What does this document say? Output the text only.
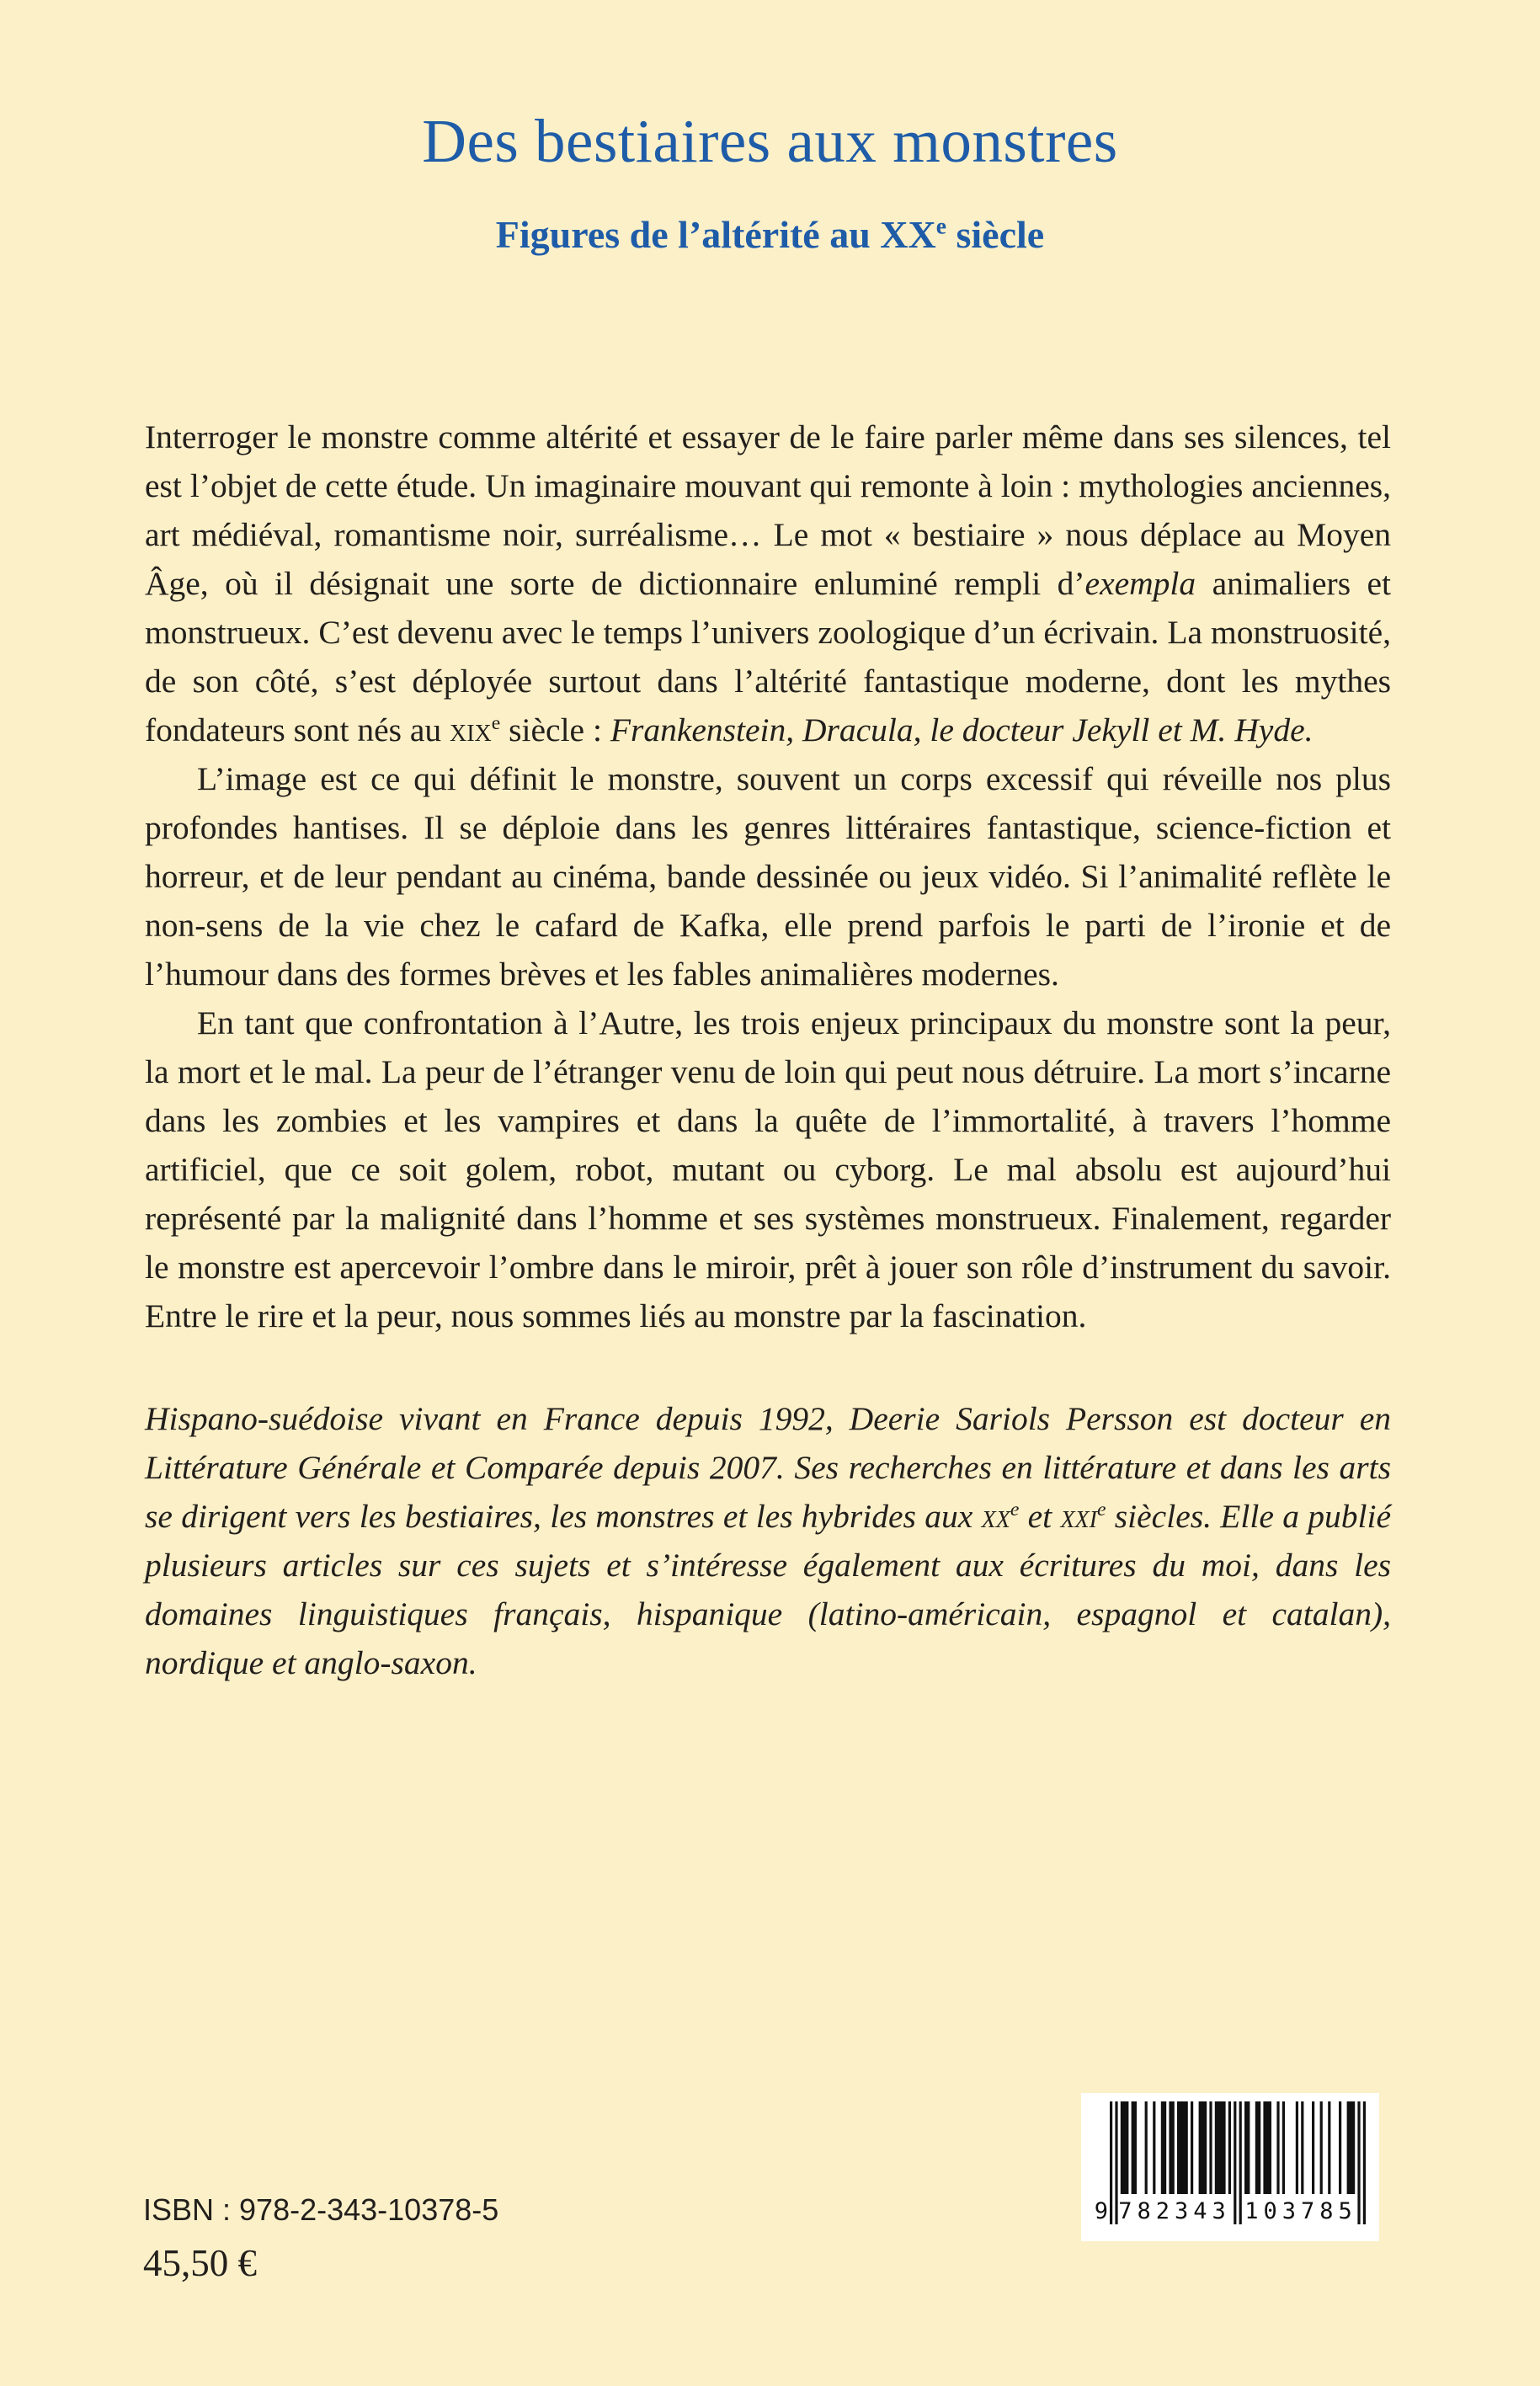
Des bestiaires aux monstres
Figures de l’altérité au XXe siècle

Interroger le monstre comme altérité et essayer de le faire parler même dans ses silences, tel est l’objet de cette étude. Un imaginaire mouvant qui remonte à loin : mythologies anciennes, art médiéval, romantisme noir, surréalisme… Le mot « bestiaire » nous déplace au Moyen Âge, où il désignait une sorte de dictionnaire enluminé rempli d’exempla animaliers et monstrueux. C’est devenu avec le temps l’univers zoologique d’un écrivain. La monstruosité, de son côté, s’est déployée surtout dans l’altérité fantastique moderne, dont les mythes fondateurs sont nés au xix$^e$ siècle : Frankenstein, Dracula, le docteur Jekyll et M. Hyde.

L’image est ce qui définit le monstre, souvent un corps excessif qui réveille nos plus profondes hantises. Il se déploie dans les genres littéraires fantastique, science-fiction et horreur, et de leur pendant au cinéma, bande dessinée ou jeux vidéo. Si l’animalité reflète le non-sens de la vie chez le cafard de Kafka, elle prend parfois le parti de l’ironie et de l’humour dans des formes brèves et les fables animalières modernes.

En tant que confrontation à l’Autre, les trois enjeux principaux du monstre sont la peur, la mort et le mal. La peur de l’étranger venu de loin qui peut nous détruire. La mort s’incarne dans les zombies et les vampires et dans la quête de l’immortalité, à travers l’homme artificiel, que ce soit golem, robot, mutant ou cyborg. Le mal absolu est aujourd’hui représenté par la malignité dans l’homme et ses systèmes monstrueux. Finalement, regarder le monstre est apercevoir l’ombre dans le miroir, prêt à jouer son rôle d’instrument du savoir. Entre le rire et la peur, nous sommes liés au monstre par la fascination.

Hispano-suédoise vivant en France depuis 1992, Deerie Sariols Persson est docteur en Littérature Générale et Comparée depuis 2007. Ses recherches en littérature et dans les arts se dirigent vers les bestiaires, les monstres et les hybrides aux $xx^e$ et xxi$^e$ siècles. Elle a publié plusieurs articles sur ces sujets et s’intéresse également aux écritures du moi, dans les domaines linguistiques français, hispanique (latino-américain, espagnol et catalan), nordique et anglo-saxon.
ISBN : 978-2-343-10378-5
45,50 €
9 782343 103785
